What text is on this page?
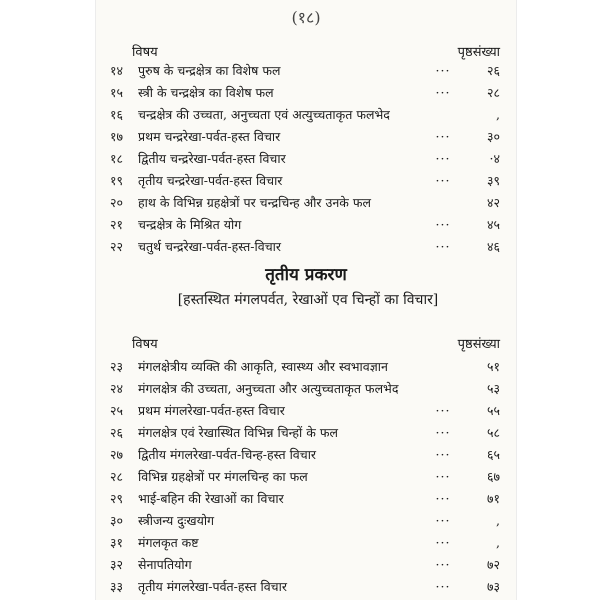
(१८)
विषय	पृष्ठसंख्या
१४	पुरुष के चन्द्रक्षेत्र का विशेष फल	···	२६
१५	स्त्री के चन्द्रक्षेत्र का विशेष फल	···	२८
१६	चन्द्रक्षेत्र की उच्चता, अनुच्चता एवं अत्युच्चताकृत फलभेद	,
१७	प्रथम चन्द्ररेखा-पर्वत-हस्त विचार	···	३०
१८	द्वितीय चन्द्ररेखा-पर्वत-हस्त विचार	···	·४
१९	तृतीय चन्द्ररेखा-पर्वत-हस्त विचार	···	३९
२०	हाथ के विभिन्न ग्रहक्षेत्रों पर चन्द्रचिन्ह और उनके फल	४२
२१	चन्द्रक्षेत्र के मिश्रित योग	···	४५
२२	चतुर्थ चन्द्ररेखा-पर्वत-हस्त-विचार	···	४६
तृतीय प्रकरण
[हस्तस्थित मंगलपर्वत, रेखाओं एव चिन्हों का विचार]
विषय	पृष्ठसंख्या
२३	मंगलक्षेत्रीय व्यक्ति की आकृति, स्वास्थ्य और स्वभावज्ञान	५१
२४	मंगलक्षेत्र की उच्चता, अनुच्चता और अत्युच्चताकृत फलभेद	५३
२५	प्रथम मंगलरेखा-पर्वत-हस्त विचार	···	५५
२६	मंगलक्षेत्र एवं रेखास्थित विभिन्न चिन्हों के फल	···	५८
२७	द्वितीय मंगलरेखा-पर्वत-चिन्ह-हस्त विचार	···	६५
२८	विभिन्न ग्रहक्षेत्रों पर मंगलचिन्ह का फल	···	६७
२९	भाई-बहिन की रेखाओं का विचार	···	७१
३०	स्त्रीजन्य दुःखयोग	···	,
३१	मंगलकृत कष्ट	···	,
३२	सेनापतियोग	···	७२
३३	तृतीय मंगलरेखा-पर्वत-हस्त विचार	···	७३
